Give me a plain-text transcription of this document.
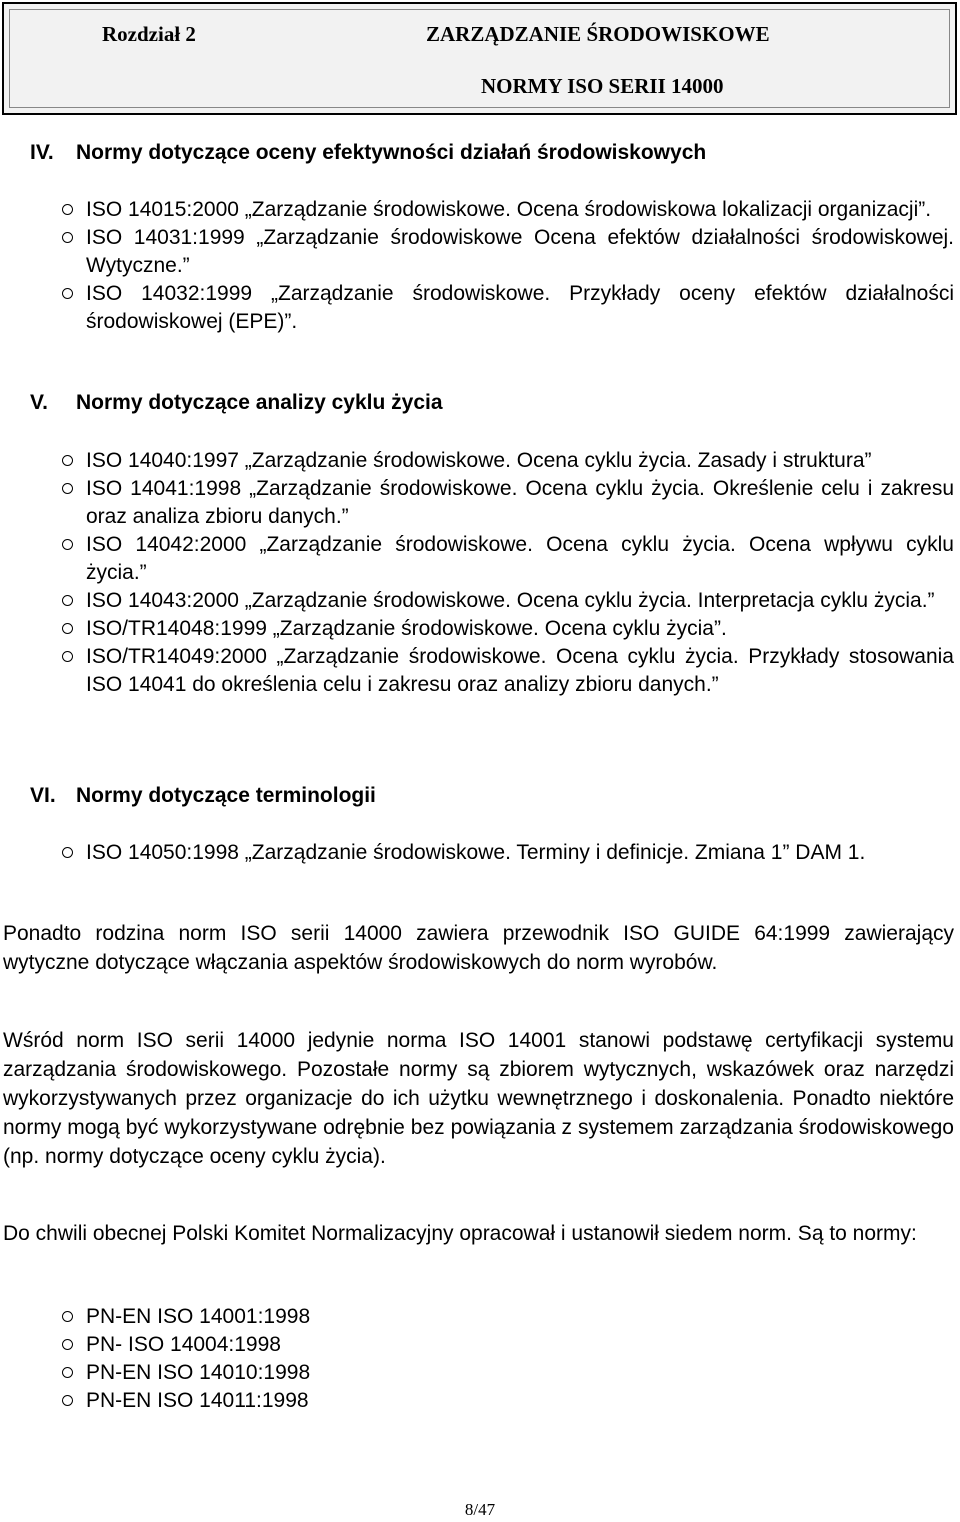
Rozdział 2	ZARZĄDZANIE ŚRODOWISKOWE
NORMY ISO SERII 14000
IV. Normy dotyczące oceny efektywności działań środowiskowych
ISO 14015:2000 „Zarządzanie środowiskowe. Ocena środowiskowa lokalizacji organizacji”.
ISO 14031:1999 „Zarządzanie środowiskowe Ocena efektów działalności środowiskowej. Wytyczne.”
ISO 14032:1999 „Zarządzanie środowiskowe. Przykłady oceny efektów działalności środowiskowej (EPE)”.
V. Normy dotyczące analizy cyklu życia
ISO 14040:1997 „Zarządzanie środowiskowe. Ocena cyklu życia. Zasady i struktura”
ISO 14041:1998 „Zarządzanie środowiskowe. Ocena cyklu życia. Określenie celu i zakresu oraz analiza zbioru danych.”
ISO 14042:2000 „Zarządzanie środowiskowe. Ocena cyklu życia. Ocena wpływu cyklu życia.”
ISO 14043:2000 „Zarządzanie środowiskowe. Ocena cyklu życia. Interpretacja cyklu życia.”
ISO/TR14048:1999 „Zarządzanie środowiskowe. Ocena cyklu życia”.
ISO/TR14049:2000 „Zarządzanie środowiskowe. Ocena cyklu życia. Przykłady stosowania ISO 14041 do określenia celu i zakresu oraz analizy zbioru danych.”
VI. Normy dotyczące terminologii
ISO 14050:1998 „Zarządzanie środowiskowe. Terminy i definicje. Zmiana 1” DAM 1.

Ponadto rodzina norm ISO serii 14000 zawiera przewodnik ISO GUIDE 64:1999 zawierający wytyczne dotyczące włączania aspektów środowiskowych do norm wyrobów.

Wśród norm ISO serii 14000 jedynie norma ISO 14001 stanowi podstawę certyfikacji systemu zarządzania środowiskowego. Pozostałe normy są zbiorem wytycznych, wskazówek oraz narzędzi wykorzystywanych przez organizacje do ich użytku wewnętrznego i doskonalenia. Ponadto niektóre normy mogą być wykorzystywane odrębnie bez powiązania z systemem zarządzania środowiskowego (np. normy dotyczące oceny cyklu życia).

Do chwili obecnej Polski Komitet Normalizacyjny opracował i ustanowił siedem norm. Są to normy:

PN-EN ISO 14001:1998
PN- ISO 14004:1998
PN-EN ISO 14010:1998
PN-EN ISO 14011:1998
8/47
